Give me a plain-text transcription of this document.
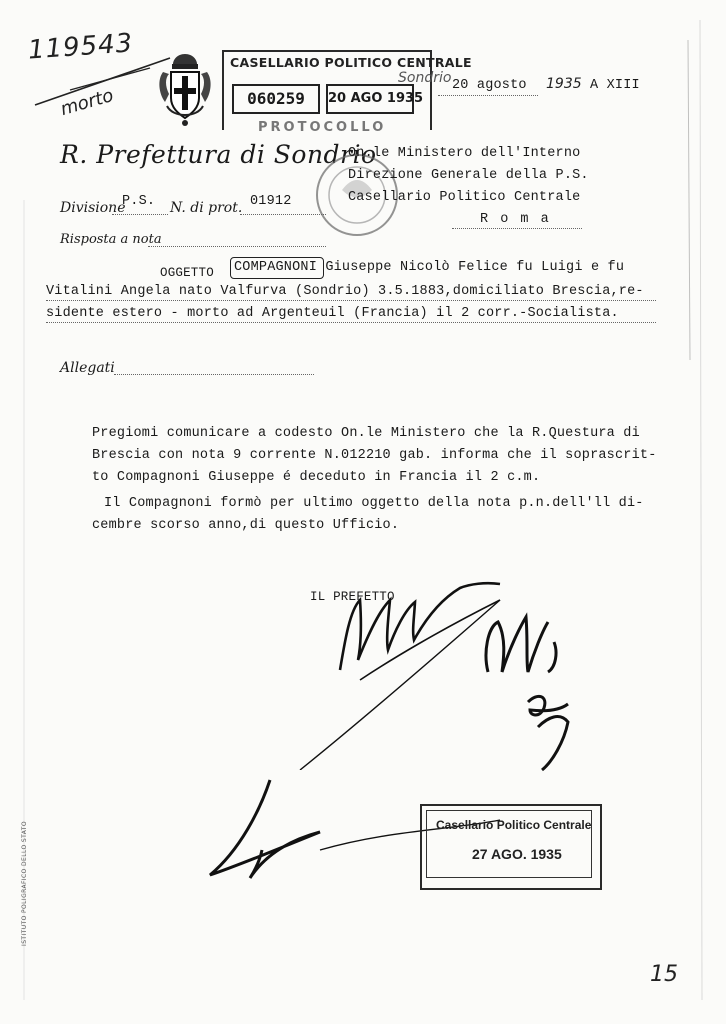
119543
morto
CASELLARIO POLITICO CENTRALE
060259	20 AGO 1935
PROTOCOLLO
Sondrio 20 agosto 1935 A XIII
R. Prefettura di Sondrio
On.le Ministero dell'Interno
Direzione Generale della P.S.
Casellario Politico Centrale
R o m a
Divisione
P.S. N. di prot. 01912
Risposta a nota
OGGETTO COMPAGNONI Giuseppe Nicolò Felice fu Luigi e fu
Vitalini Angela nato Valfurva (Sondrio) 3.5.1883,domiciliato Brescia,re-
sidente estero - morto ad Argenteuil (Francia) il 2 corr.-Socialista.
Allegati
Pregiomi comunicare a codesto On.le Ministero che la R.Questura di
Brescia con nota 9 corrente N.012210 gab. informa che il soprascrit-
to Compagnoni Giuseppe é deceduto in Francia il 2 c.m.
Il Compagnoni formò per ultimo oggetto della nota p.n.dell'll di-
cembre scorso anno,di questo Ufficio.
IL PREFETTO
Casellario Politico Centrale
27 AGO. 1935
ISTITUTO POLIGRAFICO DELLO STATO
15
